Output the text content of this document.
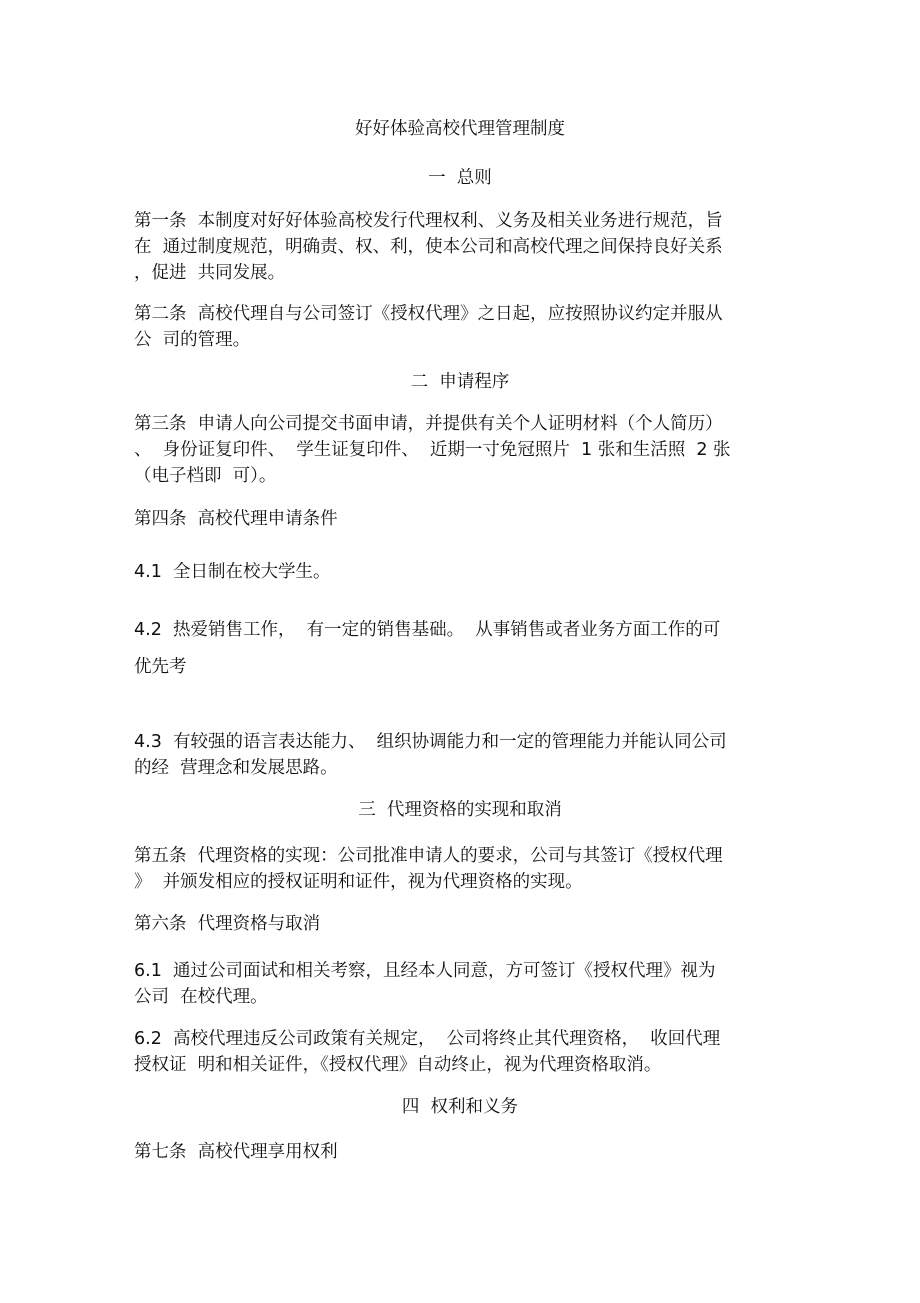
好好体验高校代理管理制度

一  总则

第一条  本制度对好好体验高校发行代理权利、义务及相关业务进行规范，旨

在  通过制度规范，明确责、权、利，使本公司和高校代理之间保持良好关系

，促进  共同发展。

第二条  高校代理自与公司签订《授权代理》之日起，应按照协议约定并服从

公  司的管理。

二  申请程序

第三条  申请人向公司提交书面申请，并提供有关个人证明材料（个人简历）

、  身份证复印件、  学生证复印件、  近期一寸免冠照片  1 张和生活照  2 张

（电子档即  可）。

第四条  高校代理申请条件

4.1  全日制在校大学生。

4.2  热爱销售工作，  有一定的销售基础。  从事销售或者业务方面工作的可

优先考

4.3  有较强的语言表达能力、  组织协调能力和一定的管理能力并能认同公司

的经  营理念和发展思路。

三  代理资格的实现和取消

第五条  代理资格的实现：公司批准申请人的要求，公司与其签订《授权代理

》  并颁发相应的授权证明和证件，视为代理资格的实现。

第六条  代理资格与取消

6.1  通过公司面试和相关考察，且经本人同意，方可签订《授权代理》视为

公司  在校代理。

6.2  高校代理违反公司政策有关规定，  公司将终止其代理资格，  收回代理

授权证  明和相关证件，《授权代理》自动终止，视为代理资格取消。

四  权利和义务

第七条  高校代理享用权利
